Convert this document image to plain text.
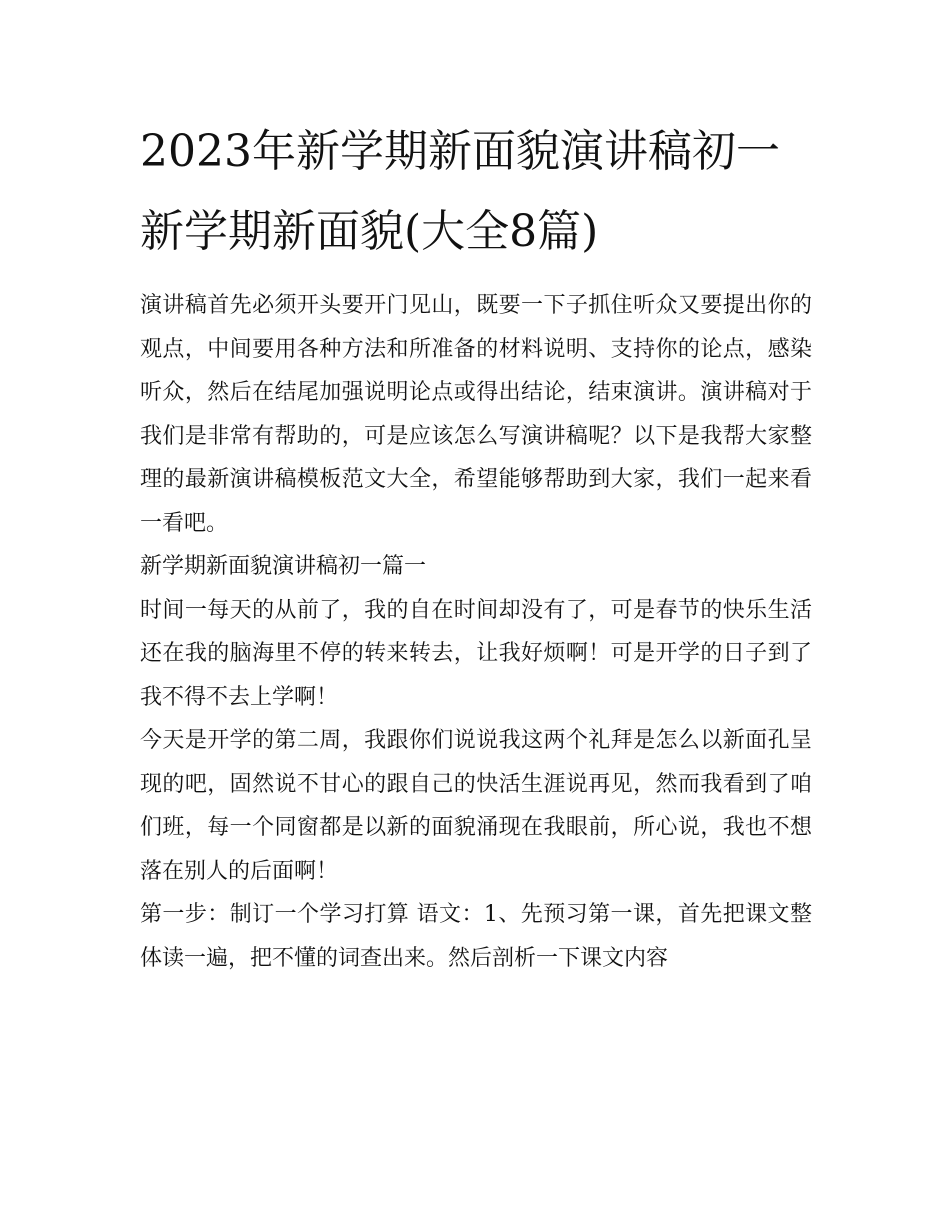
2023年新学期新面貌演讲稿初一 新学期新面貌(大全8篇)

演讲稿首先必须开头要开门见山，既要一下子抓住听众又要提出你的观点，中间要用各种方法和所准备的材料说明、支持你的论点，感染听众，然后在结尾加强说明论点或得出结论，结束演讲。演讲稿对于我们是非常有帮助的，可是应该怎么写演讲稿呢？以下是我帮大家整理的最新演讲稿模板范文大全，希望能够帮助到大家，我们一起来看一看吧。

新学期新面貌演讲稿初一篇一

时间一每天的从前了，我的自在时间却没有了，可是春节的快乐生活还在我的脑海里不停的转来转去，让我好烦啊！可是开学的日子到了我不得不去上学啊！

今天是开学的第二周，我跟你们说说我这两个礼拜是怎么以新面孔呈现的吧，固然说不甘心的跟自己的快活生涯说再见，然而我看到了咱们班，每一个同窗都是以新的面貌涌现在我眼前，所心说，我也不想落在别人的后面啊！

第一步：制订一个学习打算 语文：1、先预习第一课，首先把课文整体读一遍，把不懂的词查出来。然后剖析一下课文内容
